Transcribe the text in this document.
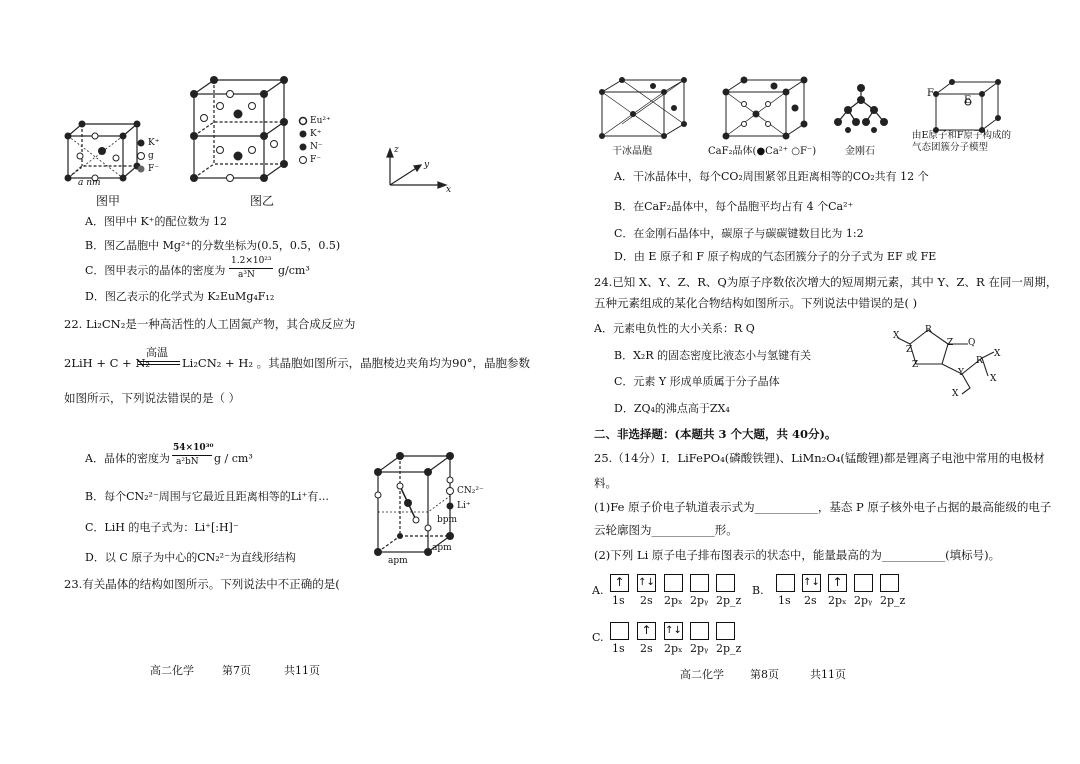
K⁺
g
F⁻
a nm
图甲	图乙
Eu²⁺
K⁺
N⁻
F⁻
z
y
x
A．图甲中 K⁺的配位数为 12
B．图乙晶胞中 Mg²⁺的分数坐标为(0.5，0.5，0.5)
C．图甲表示的晶体的密度为
1.2×10²³
a³N g/cm³
D．图乙表示的化学式为 K₂EuMg₄F₁₂
22. Li₂CN₂是一种高活性的人工固氮产物，其合成反应为
高温
2LiH + C + N₂	Li₂CN₂ + H₂ 。其晶胞如图所示，晶胞棱边夹角均为90°，晶胞参数
如图所示，下列说法错误的是（ ）
A．晶体的密度为
54×10³⁰
a²bN g / cm³
B．每个CN₂²⁻周围与它最近且距离相等的Li⁺有...
C．LiH 的电子式为：Li⁺[:H]⁻
D．以 C 原子为中心的CN₂²⁻为直线形结构
CN₂²⁻
Li⁺
bpm
apm
apm
23.有关晶体的结构如图所示。下列说法中不正确的是(
高二化学	第7页	共11页
干冰晶胞	CaF₂晶体(●Ca²⁺ ○F⁻)	金刚石
F
E
由E原子和F原子构成的气态团簇分子模型
A．干冰晶体中，每个CO₂周围紧邻且距离相等的CO₂共有 12 个
B．在CaF₂晶体中，每个晶胞平均占有 4 个Ca²⁺
C．在金刚石晶体中，碳原子与碳碳键数目比为 1:2
D．由 E 原子和 F 原子构成的气态团簇分子的分子式为 EF 或 FE
24.已知 X、Y、Z、R、Q为原子序数依次增大的短周期元素，其中 Y、Z、R 在同一周期，
五种元素组成的某化合物结构如图所示。下列说法中错误的是( )
A．元素电负性的大小关系：R Q
B．X₂R 的固态密度比液态小与氢键有关
C．元素 Y 形成单质属于分子晶体
D．ZQ₄的沸点高于ZX₄
X
R
Z Q
Z
Z
Y
R
X
X
X
二、非选择题：(本题共 3 个大题，共 40分)。
25.（14分）Ⅰ．LiFePO₄(磷酸铁锂)、LiMn₂O₄(锰酸锂)都是锂离子电池中常用的电极材
料。
(1)Fe 原子价电子轨道表示式为___________，基态 P 原子核外电子占据的最高能级的电子
云轮廓图为___________形。
(2)下列 Li 原子电子排布图表示的状态中，能量最高的为___________(填标号)。
A.
↑	↑↓
1s 2s 2pₓ 2pᵧ 2p_z
B.
↑↓	↑
1s 2s 2pₓ 2pᵧ 2p_z
C.
↑	↑↓
1s 2s 2pₓ 2pᵧ 2p_z
高二化学 第8页	共11页
